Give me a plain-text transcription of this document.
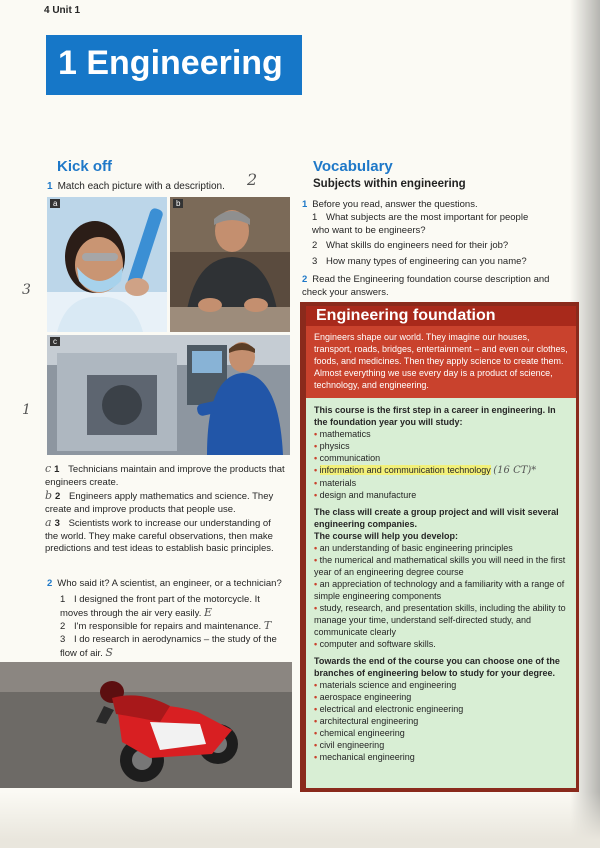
4 Unit 1
1 Engineering
Kick off
1 Match each picture with a description.	2
a	b
3
c
1
c 1 Technicians maintain and improve the products that engineers create.
b 2 Engineers apply mathematics and science. They create and improve products that people use.
a 3 Scientists work to increase our understanding of the world. They make careful observations, then make predictions and test ideas to establish basic principles.
2 Who said it? A scientist, an engineer, or a technician?
1 I designed the front part of the motorcycle. It moves through the air very easily. E
2 I'm responsible for repairs and maintenance. T
3 I do research in aerodynamics – the study of the flow of air. S
Vocabulary
Subjects within engineering
1 Before you read, answer the questions.
1 What subjects are the most important for people who want to be engineers?
2 What skills do engineers need for their job?
3 How many types of engineering can you name?
2 Read the Engineering foundation course description and check your answers.
Engineering foundation
Engineers shape our world. They imagine our houses, transport, roads, bridges, entertainment – and even our clothes, foods, and medicines. Then they apply science to create them. Almost everything we use every day is a product of science, technology, and engineering.
This course is the first step in a career in engineering. In the foundation year you will study:
• mathematics
• physics
• communication
• information and communication technology (16 CT)*
• materials
• design and manufacture
The class will create a group project and will visit several engineering companies.
The course will help you develop:
• an understanding of basic engineering principles
• the numerical and mathematical skills you will need in the first year of an engineering degree course
• an appreciation of technology and a familiarity with a range of simple engineering components
• study, research, and presentation skills, including the ability to manage your time, understand self-directed study, and communicate clearly
• computer and software skills.
Towards the end of the course you can choose one of the branches of engineering below to study for your degree.
• materials science and engineering
• aerospace engineering
• electrical and electronic engineering
• architectural engineering
• chemical engineering
• civil engineering
• mechanical engineering
